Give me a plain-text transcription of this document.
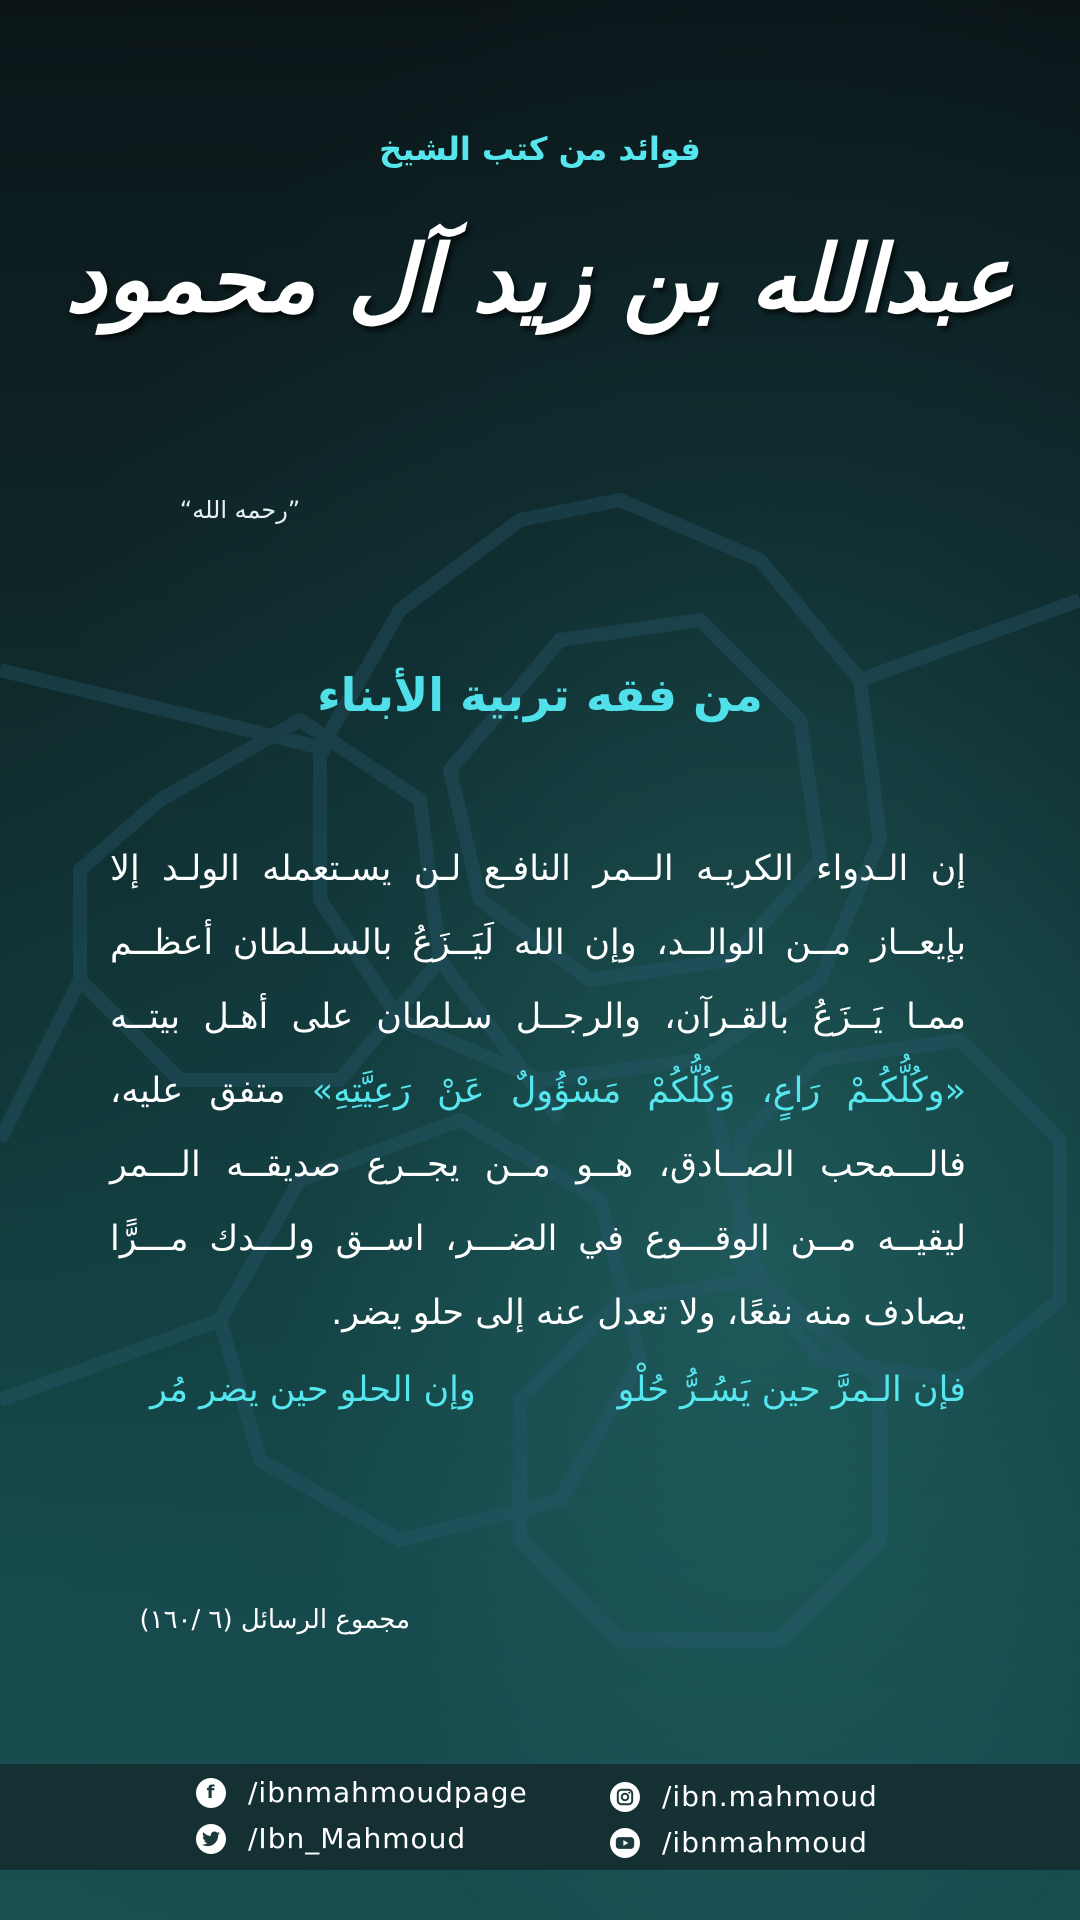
فوائد من كتب الشيخ
عبدالله بن زيد آل محمود
”رحمه الله“
من فقه تربية الأبناء
إن الـدواء الكريـه الــمر النافـع لـن يسـتعمله الولـد إلا
بإيعــاز مــن الوالــد، وإن الله لَيَــزَعُ بالســلطان أعظــم
ممـا يَــزَعُ بالقـرآن، والرجــل سـلطان على أهـل بيتــه
«وكُلُّكُـمْ رَاعٍ، وَكُلُّكُمْ مَسْؤُولٌ عَنْ رَعِيَّتِهِ» متفق عليه،
فالـــمحب الصــادق، هــو مــن يجــرع صديقــه الـــمر
ليقيــه مــن الوقـــوع في الضـــر، اســق ولـــدك مـــرًّا
يصادف منه نفعًا، ولا تعدل عنه إلى حلو يضر.
فإن الـمرَّ حين يَسُـرُّ حُلْو
وإن الحلو حين يضر مُر
مجموع الرسائل (٦ /١٦٠)
f	/ibnmahmoudpage
/Ibn_Mahmoud
/ibn.mahmoud
/ibnmahmoud
